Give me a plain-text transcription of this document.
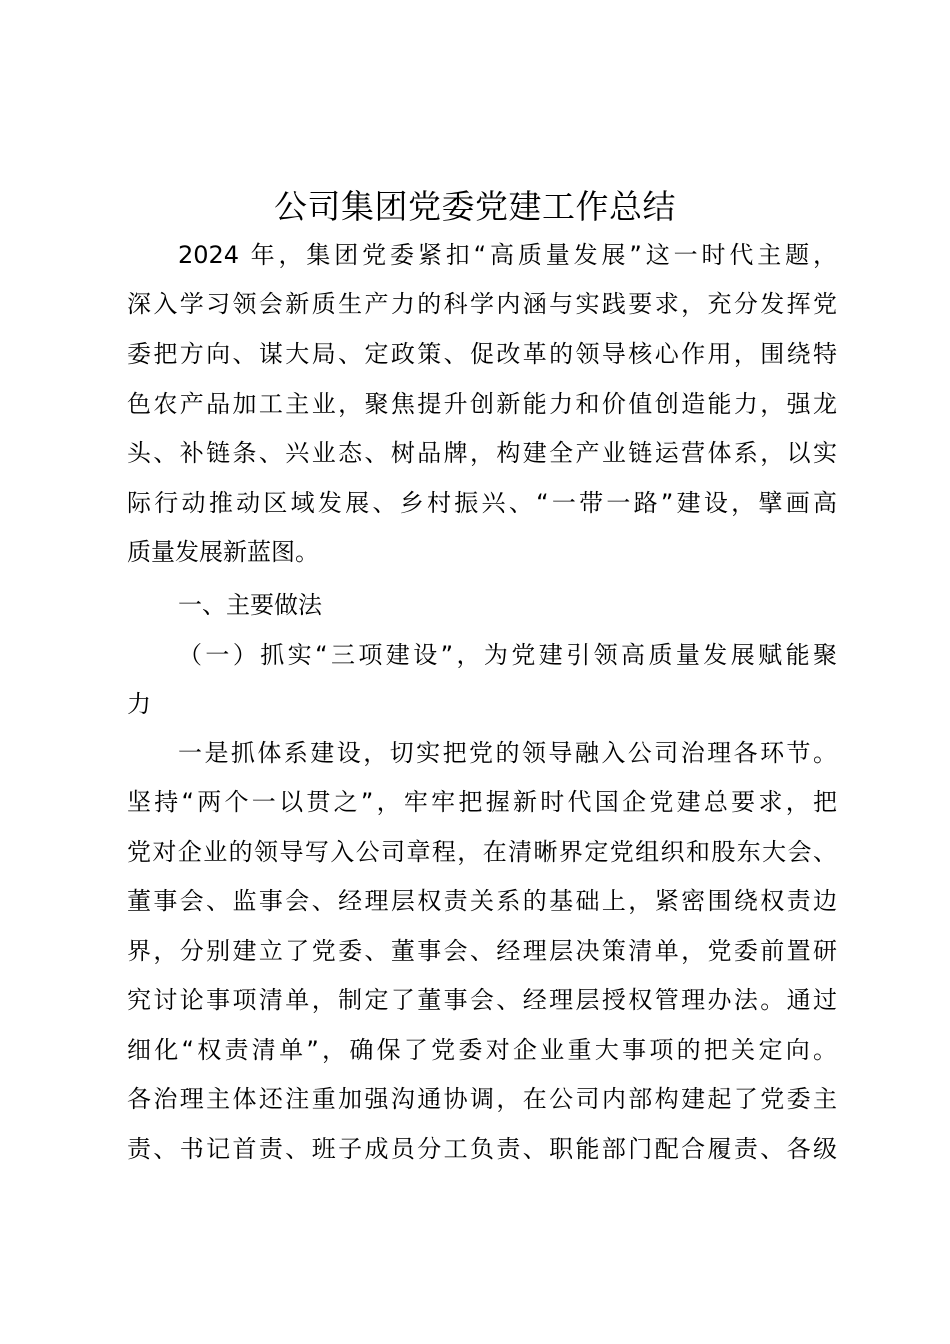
公司集团党委党建工作总结

2024 年，集团党委紧扣“高质量发展”这一时代主题，

深入学习领会新质生产力的科学内涵与实践要求，充分发挥党

委把方向、谋大局、定政策、促改革的领导核心作用，围绕特

色农产品加工主业，聚焦提升创新能力和价值创造能力，强龙

头、补链条、兴业态、树品牌，构建全产业链运营体系，以实

际行动推动区域发展、乡村振兴、“一带一路”建设，擘画高

质量发展新蓝图。

一、主要做法

（一）抓实“三项建设”，为党建引领高质量发展赋能聚

力

一是抓体系建设，切实把党的领导融入公司治理各环节。

坚持“两个一以贯之”，牢牢把握新时代国企党建总要求，把

党对企业的领导写入公司章程，在清晰界定党组织和股东大会、

董事会、监事会、经理层权责关系的基础上，紧密围绕权责边

界，分别建立了党委、董事会、经理层决策清单，党委前置研

究讨论事项清单，制定了董事会、经理层授权管理办法。通过

细化“权责清单”，确保了党委对企业重大事项的把关定向。

各治理主体还注重加强沟通协调，在公司内部构建起了党委主

责、书记首责、班子成员分工负责、职能部门配合履责、各级
